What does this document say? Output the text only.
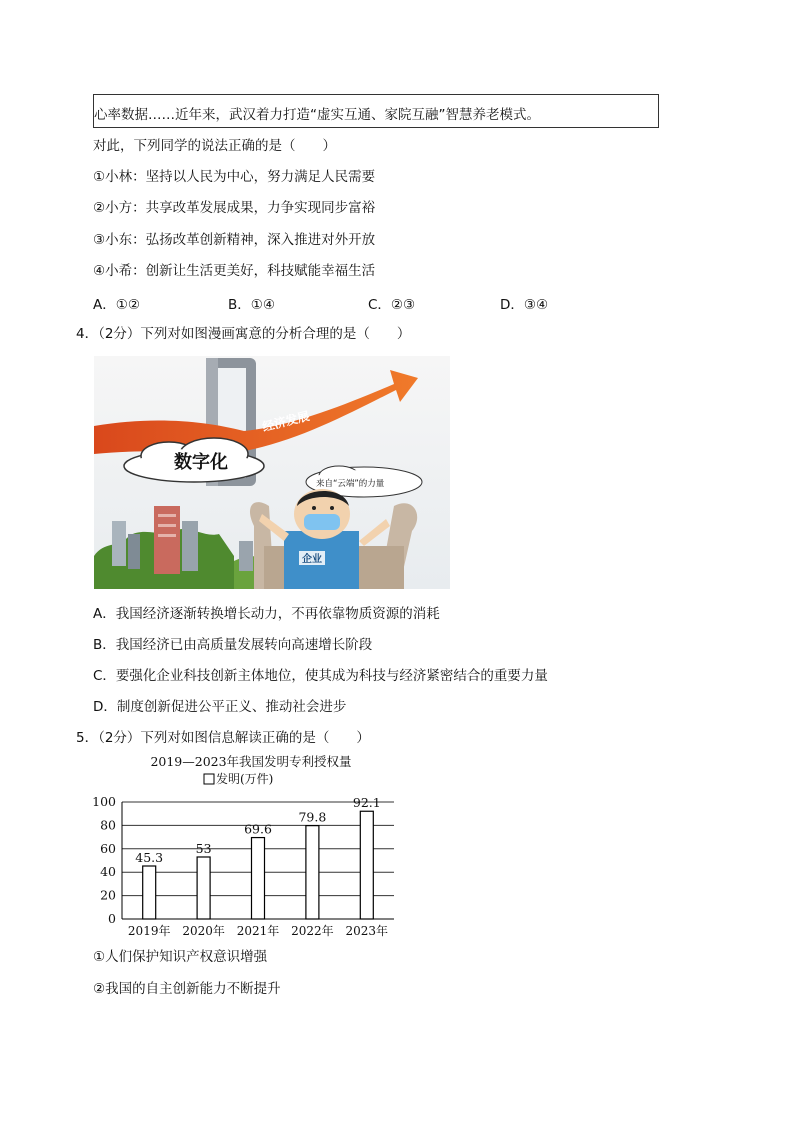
心率数据……近年来，武汉着力打造“虚实互通、家院互融”智慧养老模式。
对此，下列同学的说法正确的是（　　）
①小林：坚持以人民为中心，努力满足人民需要
②小方：共享改革发展成果，力争实现同步富裕
③小东：弘扬改革创新精神，深入推进对外开放
④小希：创新让生活更美好，科技赋能幸福生活
A．①②	B．①④	C．②③	D．③④
4．（2分）下列对如图漫画寓意的分析合理的是（　　）
经济发展
数字化
来自“云端”的力量
企业
A．我国经济逐渐转换增长动力，不再依靠物质资源的消耗
B．我国经济已由高质量发展转向高速增长阶段
C．要强化企业科技创新主体地位，使其成为科技与经济紧密结合的重要力量
D．制度创新促进公平正义、推动社会进步
5．（2分）下列对如图信息解读正确的是（　　）
2019—2023年我国发明专利授权量
发明(万件)
0
20
40
60
80
100
45.3
2019年
53
2020年
69.6
2021年
79.8
2022年
92.1
2023年
①人们保护知识产权意识增强
②我国的自主创新能力不断提升
